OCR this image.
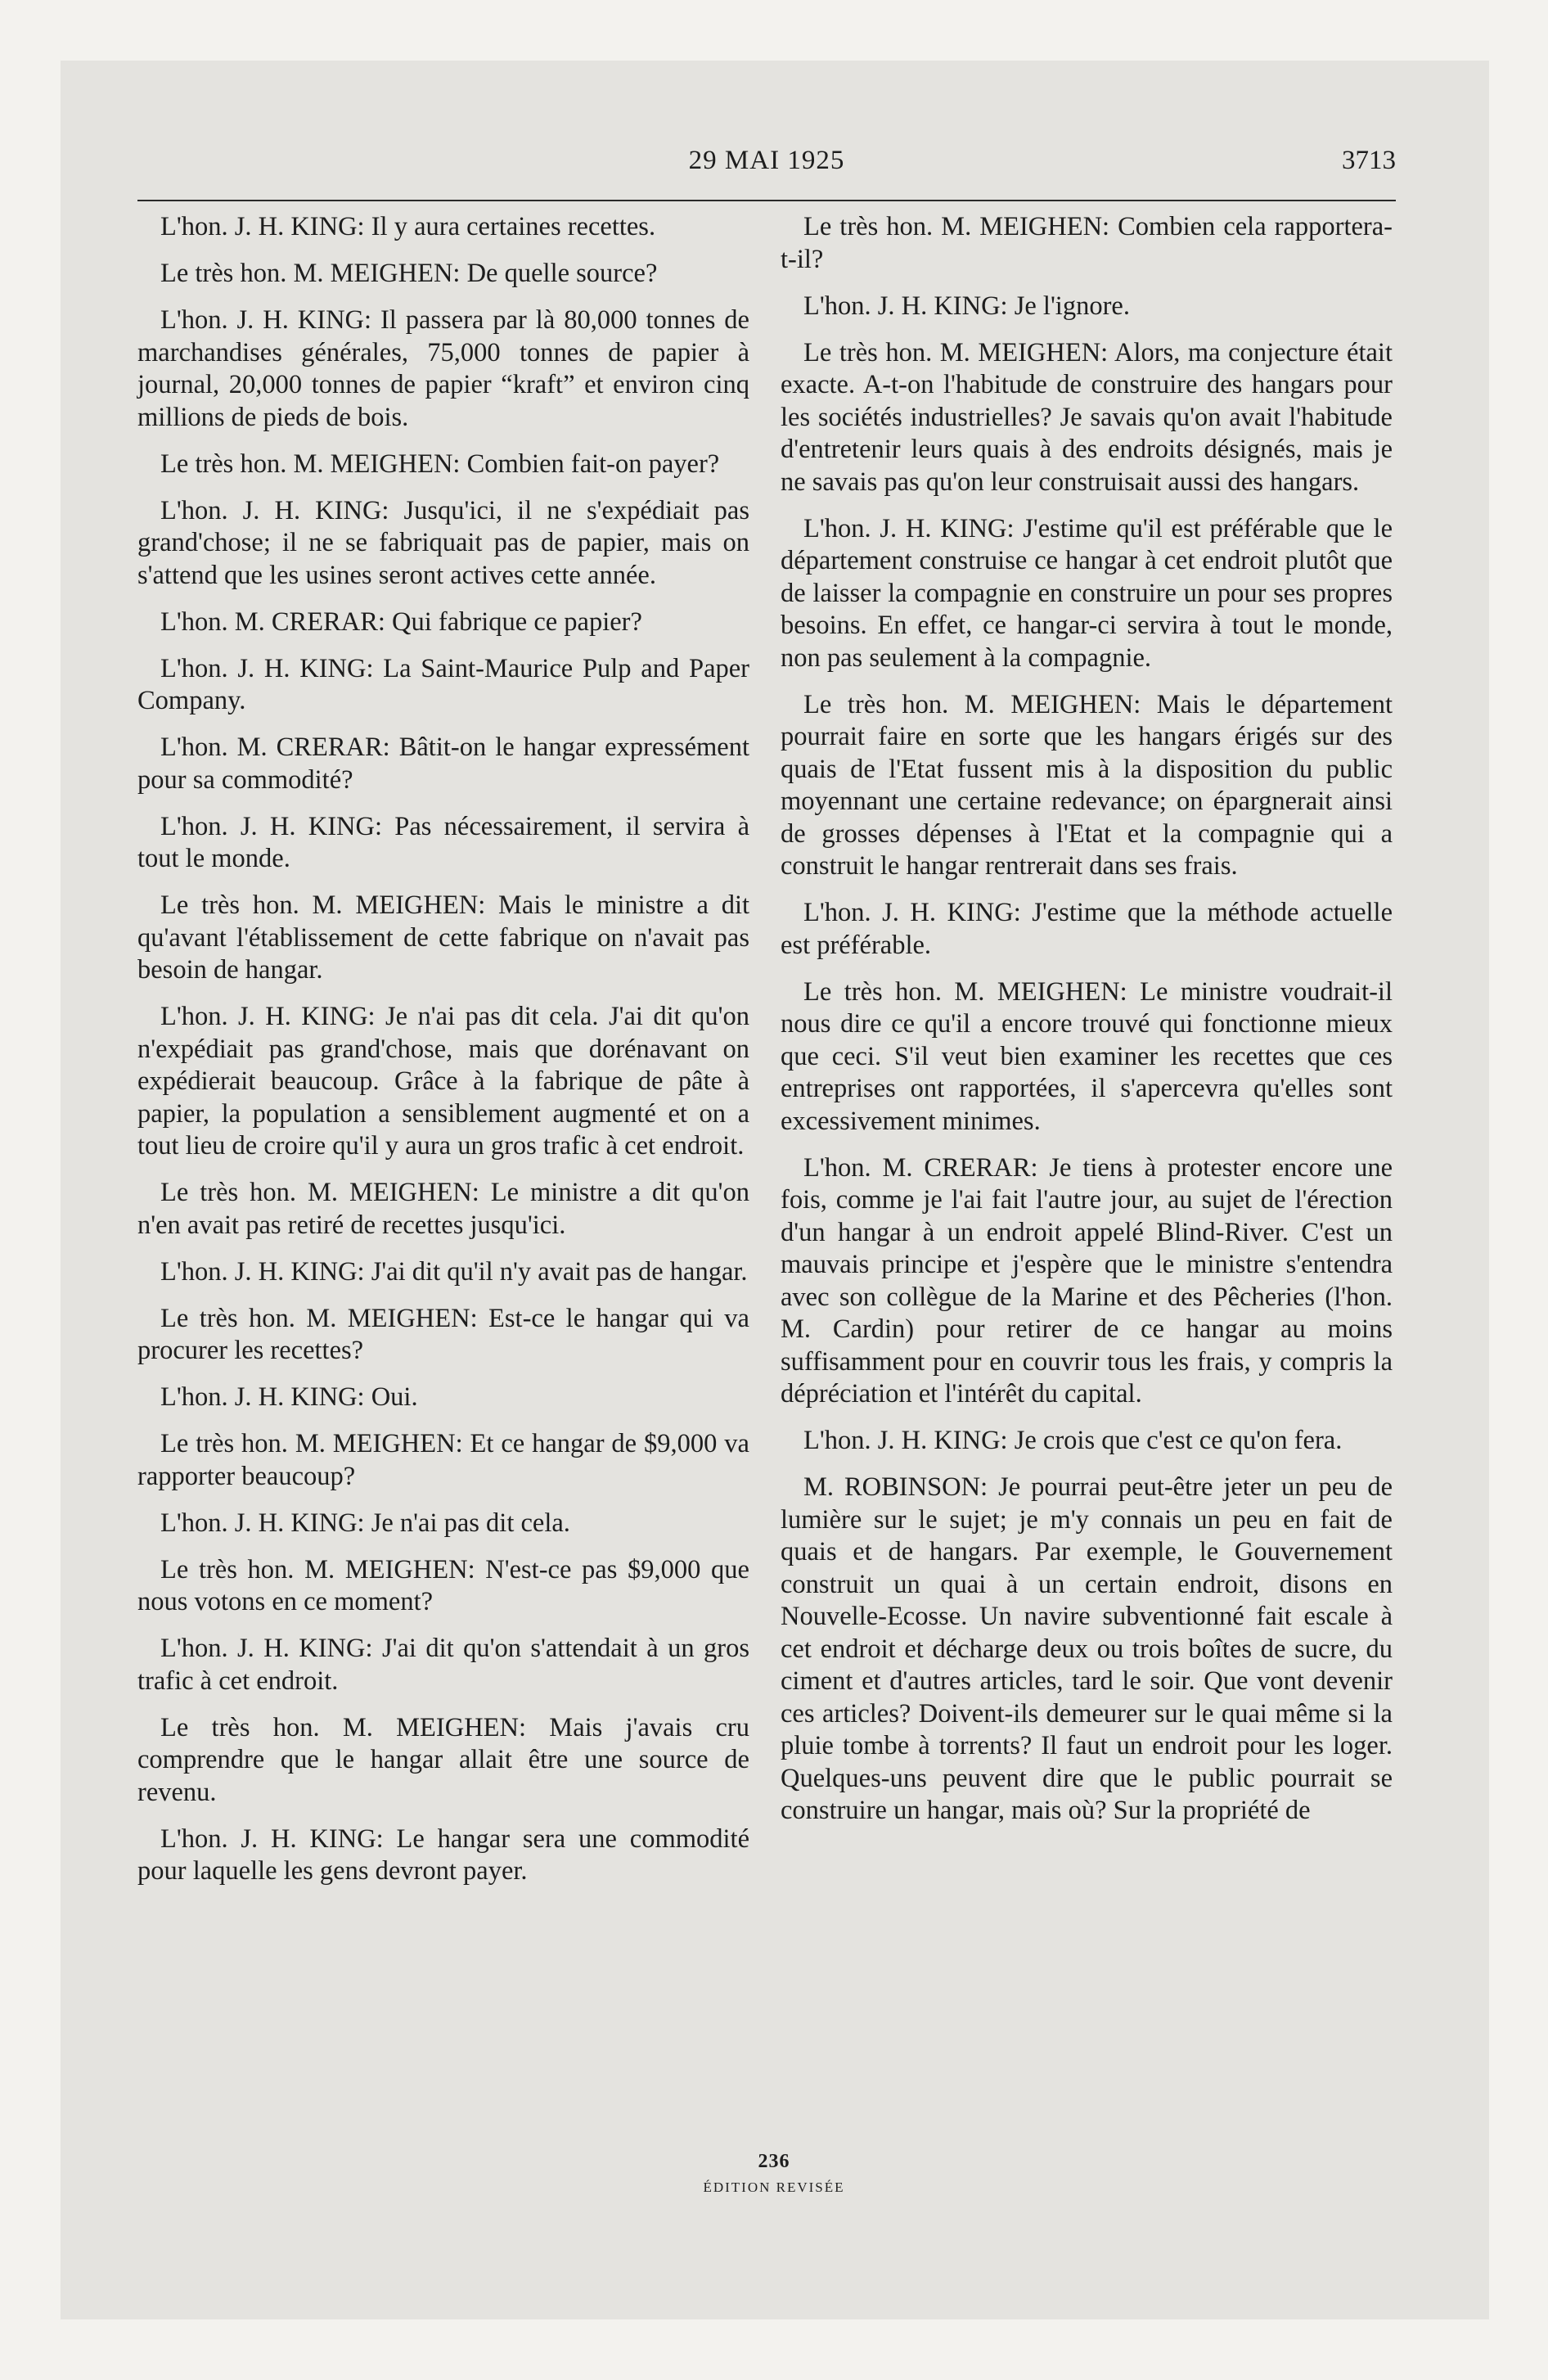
29 MAI 1925	3713

L'hon. J. H. KING: Il y aura certaines recettes.

Le très hon. M. MEIGHEN: De quelle source?

L'hon. J. H. KING: Il passera par là 80,000 tonnes de marchandises générales, 75,000 tonnes de papier à journal, 20,000 tonnes de papier “kraft” et environ cinq millions de pieds de bois.

Le très hon. M. MEIGHEN: Combien fait-on payer?

L'hon. J. H. KING: Jusqu'ici, il ne s'expédiait pas grand'chose; il ne se fabriquait pas de papier, mais on s'attend que les usines seront actives cette année.

L'hon. M. CRERAR: Qui fabrique ce papier?

L'hon. J. H. KING: La Saint-Maurice Pulp and Paper Company.

L'hon. M. CRERAR: Bâtit-on le hangar expressément pour sa commodité?

L'hon. J. H. KING: Pas nécessairement, il servira à tout le monde.

Le très hon. M. MEIGHEN: Mais le ministre a dit qu'avant l'établissement de cette fabrique on n'avait pas besoin de hangar.

L'hon. J. H. KING: Je n'ai pas dit cela. J'ai dit qu'on n'expédiait pas grand'chose, mais que dorénavant on expédierait beaucoup. Grâce à la fabrique de pâte à papier, la population a sensiblement augmenté et on a tout lieu de croire qu'il y aura un gros trafic à cet endroit.

Le très hon. M. MEIGHEN: Le ministre a dit qu'on n'en avait pas retiré de recettes jusqu'ici.

L'hon. J. H. KING: J'ai dit qu'il n'y avait pas de hangar.

Le très hon. M. MEIGHEN: Est-ce le hangar qui va procurer les recettes?

L'hon. J. H. KING: Oui.

Le très hon. M. MEIGHEN: Et ce hangar de $9,000 va rapporter beaucoup?

L'hon. J. H. KING: Je n'ai pas dit cela.

Le très hon. M. MEIGHEN: N'est-ce pas $9,000 que nous votons en ce moment?

L'hon. J. H. KING: J'ai dit qu'on s'attendait à un gros trafic à cet endroit.

Le très hon. M. MEIGHEN: Mais j'avais cru comprendre que le hangar allait être une source de revenu.

L'hon. J. H. KING: Le hangar sera une commodité pour laquelle les gens devront payer.

Le très hon. M. MEIGHEN: Combien cela rapportera-t-il?

L'hon. J. H. KING: Je l'ignore.

Le très hon. M. MEIGHEN: Alors, ma conjecture était exacte. A-t-on l'habitude de construire des hangars pour les sociétés industrielles? Je savais qu'on avait l'habitude d'entretenir leurs quais à des endroits désignés, mais je ne savais pas qu'on leur construisait aussi des hangars.

L'hon. J. H. KING: J'estime qu'il est préférable que le département construise ce hangar à cet endroit plutôt que de laisser la compagnie en construire un pour ses propres besoins. En effet, ce hangar-ci servira à tout le monde, non pas seulement à la compagnie.

Le très hon. M. MEIGHEN: Mais le département pourrait faire en sorte que les hangars érigés sur des quais de l'Etat fussent mis à la disposition du public moyennant une certaine redevance; on épargnerait ainsi de grosses dépenses à l'Etat et la compagnie qui a construit le hangar rentrerait dans ses frais.

L'hon. J. H. KING: J'estime que la méthode actuelle est préférable.

Le très hon. M. MEIGHEN: Le ministre voudrait-il nous dire ce qu'il a encore trouvé qui fonctionne mieux que ceci. S'il veut bien examiner les recettes que ces entreprises ont rapportées, il s'apercevra qu'elles sont excessivement minimes.

L'hon. M. CRERAR: Je tiens à protester encore une fois, comme je l'ai fait l'autre jour, au sujet de l'érection d'un hangar à un endroit appelé Blind-River. C'est un mauvais principe et j'espère que le ministre s'entendra avec son collègue de la Marine et des Pêcheries (l'hon. M. Cardin) pour retirer de ce hangar au moins suffisamment pour en couvrir tous les frais, y compris la dépréciation et l'intérêt du capital.

L'hon. J. H. KING: Je crois que c'est ce qu'on fera.

M. ROBINSON: Je pourrai peut-être jeter un peu de lumière sur le sujet; je m'y connais un peu en fait de quais et de hangars. Par exemple, le Gouvernement construit un quai à un certain endroit, disons en Nouvelle-Ecosse. Un navire subventionné fait escale à cet endroit et décharge deux ou trois boîtes de sucre, du ciment et d'autres articles, tard le soir. Que vont devenir ces articles? Doivent-ils demeurer sur le quai même si la pluie tombe à torrents? Il faut un endroit pour les loger. Quelques-uns peuvent dire que le public pourrait se construire un hangar, mais où? Sur la propriété de

236
ÉDITION REVISÉE
